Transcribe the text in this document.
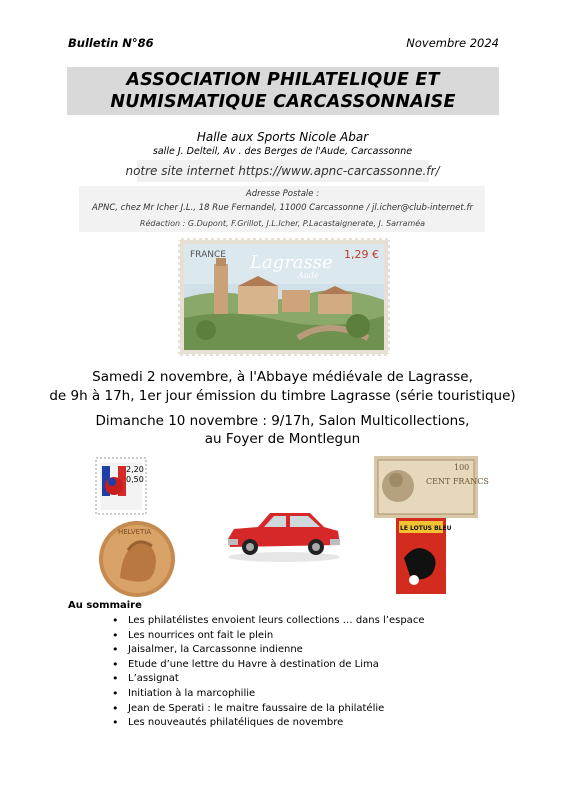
Bulletin N°86	Novembre 2024
ASSOCIATION PHILATELIQUE ET
NUMISMATIQUE CARCASSONNAISE
Halle aux Sports Nicole Abar
salle J. Delteil, Av . des Berges de l'Aude, Carcassonne
notre site internet https://www.apnc-carcassonne.fr/
Adresse Postale :
APNC, chez Mr Icher J.L., 18 Rue Fernandel, 11000 Carcassonne / jl.icher@club-internet.fr
Rédaction : G.Dupont, F.Grillot, J.L.Icher, P.Lacastaignerate, J. Sarraméa
FRANCE Lagrasse
Aude
1,29 €
Samedi 2 novembre, à l'Abbaye médiévale de Lagrasse,
de 9h à 17h, 1er jour émission du timbre Lagrasse (série touristique)
Dimanche 10 novembre : 9/17h, Salon Multicollections,
au Foyer de Montlegun
2,20
0,50
HELVETIA
CENT FRANCS
100
LE LOTUS BLEU
Au sommaire
• Les philatélistes envoient leurs collections … dans l’espace
• Les nourrices ont fait le plein
• Jaisalmer, la Carcassonne indienne
• Etude d’une lettre du Havre à destination de Lima
• L’assignat
• Initiation à la marcophilie
• Jean de Sperati : le maitre faussaire de la philatélie
• Les nouveautés philatéliques de novembre
